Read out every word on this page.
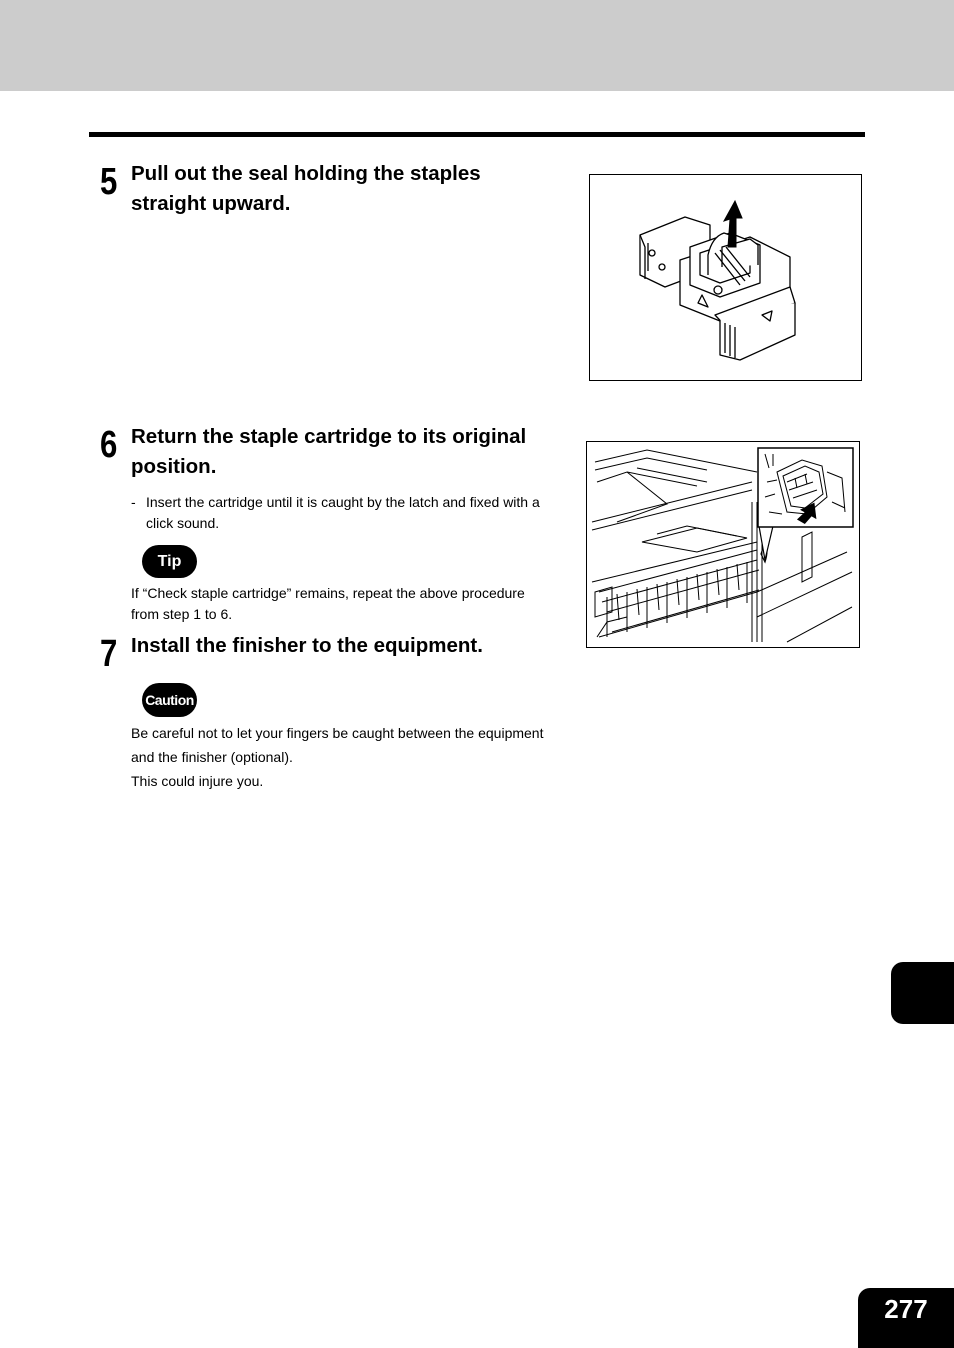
5 Pull out the seal holding the staples
straight upward.
6 Return the staple cartridge to its original
position.
- Insert the cartridge until it is caught by the latch and fixed with a
click sound.
Tip
If “Check staple cartridge” remains, repeat the above procedure
from step 1 to 6.
7 Install the finisher to the equipment.
Caution
Be careful not to let your fingers be caught between the equipment
and the finisher (optional).
This could injure you.
277
